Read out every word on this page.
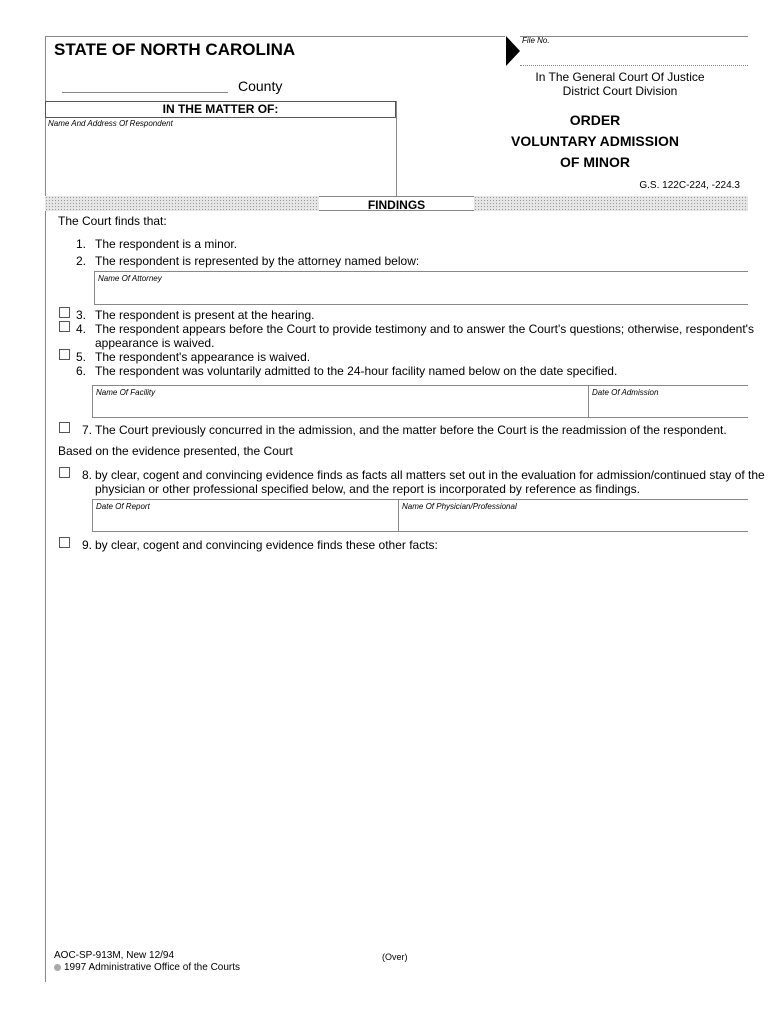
STATE OF NORTH CAROLINA
County
File No.
In The General Court Of Justice
District Court Division
IN THE MATTER OF:
Name And Address Of Respondent	ORDER
VOLUNTARY ADMISSION
OF MINOR
G.S. 122C-224, -224.3
FINDINGS
The Court finds that:
1. The respondent is a minor.
2. The respondent is represented by the attorney named below:
Name Of Attorney
3. The respondent is present at the hearing.
4. The respondent appears before the Court to provide testimony and to answer the Court's questions; otherwise, respondent's
appearance is waived.
5. The respondent's appearance is waived.
6. The respondent was voluntarily admitted to the 24-hour facility named below on the date specified.
Name Of Facility	Date Of Admission
7. The Court previously concurred in the admission, and the matter before the Court is the readmission of the respondent.
Based on the evidence presented, the Court
8. by clear, cogent and convincing evidence finds as facts all matters set out in the evaluation for admission/continued stay of the
physician or other professional specified below, and the report is incorporated by reference as findings.
Date Of Report	Name Of Physician/Professional
9. by clear, cogent and convincing evidence finds these other facts:
AOC-SP-913M, New 12/94
1997 Administrative Office of the Courts
(Over)
